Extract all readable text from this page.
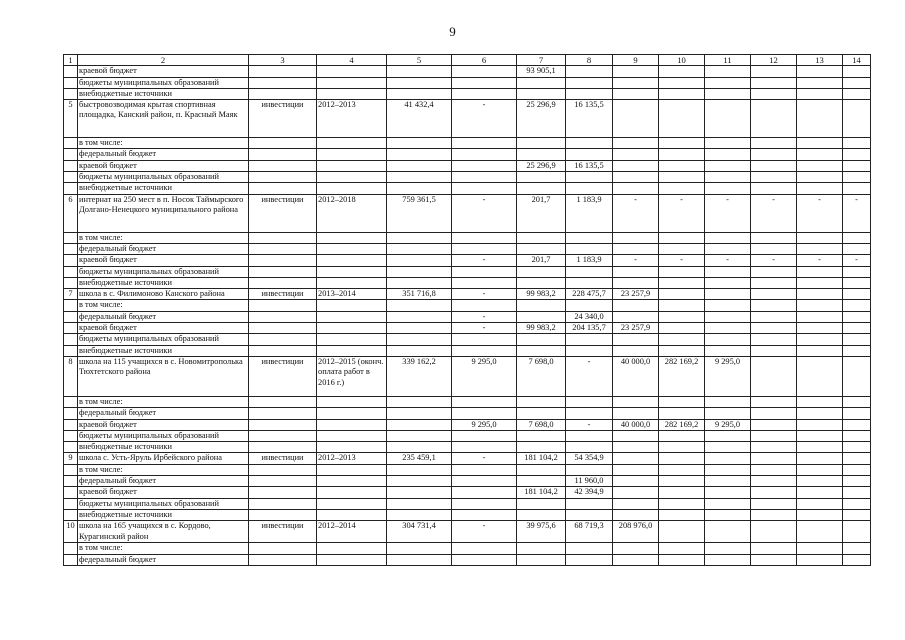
9
1	2	3	4	5	6	7	8	9	10	11	12	13	14
	краевой бюджет					93 905,1							
	бюджеты муниципальных образований												
	внебюджетные источники												
5	быстровозводимая крытая спортивная площадка, Канский район, п. Красный Маяк	инвестиции	2012–2013	41 432,4	-	25 296,9	16 135,5						
	в том числе:												
	федеральный бюджет												
	краевой бюджет					25 296,9	16 135,5						
	бюджеты муниципальных образований												
	внебюджетные источники												
6	интернат на 250 мест в п. Носок Таймырского Долгано-Ненецкого муниципального района	инвестиции	2012–2018	759 361,5	-	201,7	1 183,9	-	-	-	-	-	-
	в том числе:												
	федеральный бюджет												
	краевой бюджет				-	201,7	1 183,9	-	-	-	-	-	-
	бюджеты муниципальных образований												
	внебюджетные источники												
7	школа в с. Филимоново Канского района	инвестиции	2013–2014	351 716,8	-	99 983,2	228 475,7	23 257,9					
	в том числе:												
	федеральный бюджет				-		24 340,0						
	краевой бюджет				-	99 983,2	204 135,7	23 257,9					
	бюджеты муниципальных образований												
	внебюджетные источники												
8	школа на 115 учащихся в с. Новомитрополька Тюхтетского района	инвестиции	2012–2015 (оконч. оплата работ в 2016 г.)	339 162,2	9 295,0	7 698,0	-	40 000,0	282 169,2	9 295,0			
	в том числе:												
	федеральный бюджет												
	краевой бюджет				9 295,0	7 698,0	-	40 000,0	282 169,2	9 295,0			
	бюджеты муниципальных образований												
	внебюджетные источники												
9	школа с. Усть-Яруль Ирбейского района	инвестиции	2012–2013	235 459,1	-	181 104,2	54 354,9						
	в том числе:												
	федеральный бюджет						11 960,0						
	краевой бюджет					181 104,2	42 394,9						
	бюджеты муниципальных образований												
	внебюджетные источники												
10	школа на 165 учащихся в с. Кордово, Курагинский район	инвестиции	2012–2014	304 731,4	-	39 975,6	68 719,3	208 976,0					
	в том числе:												
	федеральный бюджет												
